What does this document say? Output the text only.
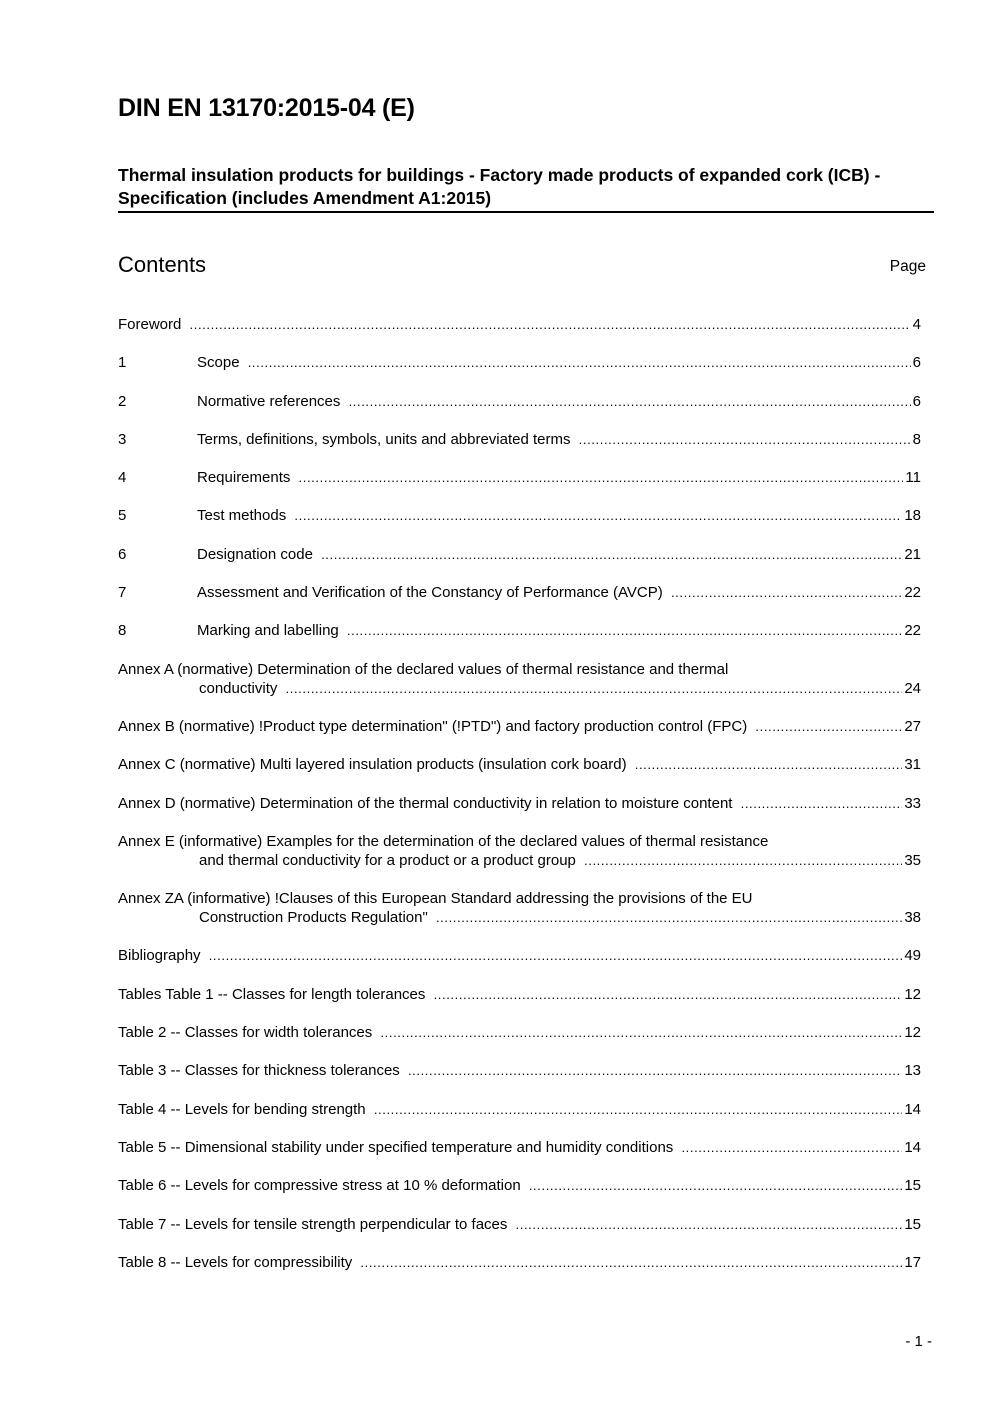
DIN EN 13170:2015-04 (E)
Thermal insulation products for buildings - Factory made products of expanded cork (ICB) - Specification (includes Amendment A1:2015)
Contents	Page
Foreword .....	4
1	Scope .....	6
2	Normative references .....	6
3	Terms, definitions, symbols, units and abbreviated terms .....	8
4	Requirements .....	11
5	Test methods .....	18
6	Designation code .....	21
7	Assessment and Verification of the Constancy of Performance (AVCP) .....	22
8	Marking and labelling .....	22
Annex A (normative) Determination of the declared values of thermal resistance and thermal
conductivity .....	24
Annex B (normative) !Product type determination" (!PTD") and factory production control (FPC) .....	27
Annex C (normative) Multi layered insulation products (insulation cork board) .....	31
Annex D (normative) Determination of the thermal conductivity in relation to moisture content .....	33
Annex E (informative) Examples for the determination of the declared values of thermal resistance
and thermal conductivity for a product or a product group .....	35
Annex ZA (informative) !Clauses of this European Standard addressing the provisions of the EU
Construction Products Regulation" .....	38
Bibliography .....	49
Tables Table 1 -- Classes for length tolerances .....	12
Table 2 -- Classes for width tolerances .....	12
Table 3 -- Classes for thickness tolerances .....	13
Table 4 -- Levels for bending strength .....	14
Table 5 -- Dimensional stability under specified temperature and humidity conditions .....	14
Table 6 -- Levels for compressive stress at 10 % deformation .....	15
Table 7 -- Levels for tensile strength perpendicular to faces .....	15
Table 8 -- Levels for compressibility .....	17
- 1 -
